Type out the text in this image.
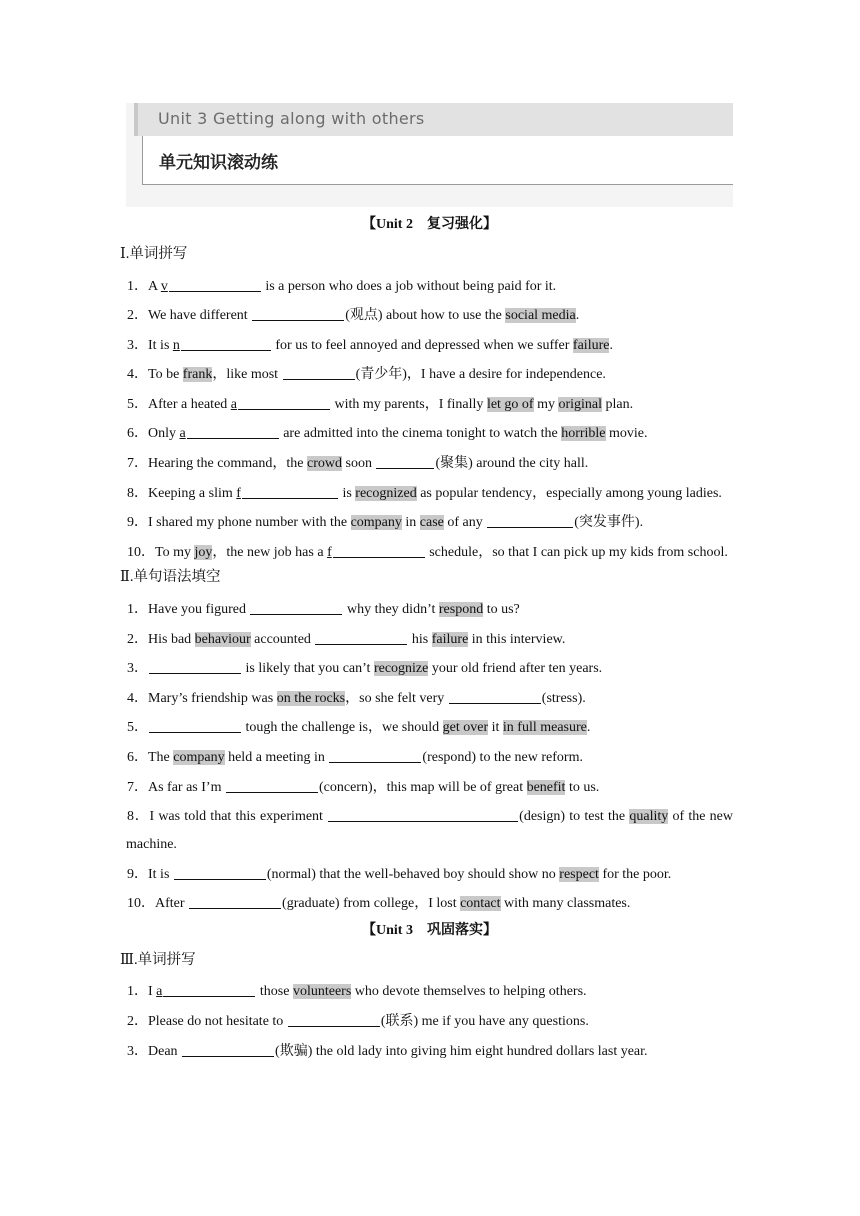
Unit 3 Getting along with others
单元知识滚动练
【Unit 2　复习强化】
Ⅰ.单词拼写
1．A v	is a person who does a job without being paid for it.
2．We have different	(观点) about how to use the social media.
3．It is n	for us to feel annoyed and depressed when we suffer failure.
4．To be frank，like most	(青少年)，I have a desire for independence.
5．After a heated a	with my parents，I finally let go of my original plan.
6．Only a	are admitted into the cinema tonight to watch the horrible movie.
7．Hearing the command，the crowd soon	(聚集) around the city hall.
8．Keeping a slim f	is recognized as popular tendency，especially among young ladies.
9．I shared my phone number with the company in case of any	(突发事件).
10．To my joy，the new job has a f	schedule，so that I can pick up my kids from school.
Ⅱ.单句语法填空
1．Have you figured	why they didn’t respond to us?
2．His bad behaviour accounted	his failure in this interview.
3．	is likely that you can’t recognize your old friend after ten years.
4．Mary’s friendship was on the rocks，so she felt very	(stress).
5．	tough the challenge is，we should get over it in full measure.
6．The company held a meeting in	(respond) to the new reform.
7．As far as I’m	(concern)，this map will be of great benefit to us.
8．I was told that this experiment	(design) to test the quality of the new machine.
9．It is	(normal) that the well-behaved boy should show no respect for the poor.
10．After	(graduate) from college，I lost contact with many classmates.
【Unit 3　巩固落实】
Ⅲ.单词拼写
1．I a	those volunteers who devote themselves to helping others.
2．Please do not hesitate to	(联系) me if you have any questions.
3．Dean	(欺骗) the old lady into giving him eight hundred dollars last year.
